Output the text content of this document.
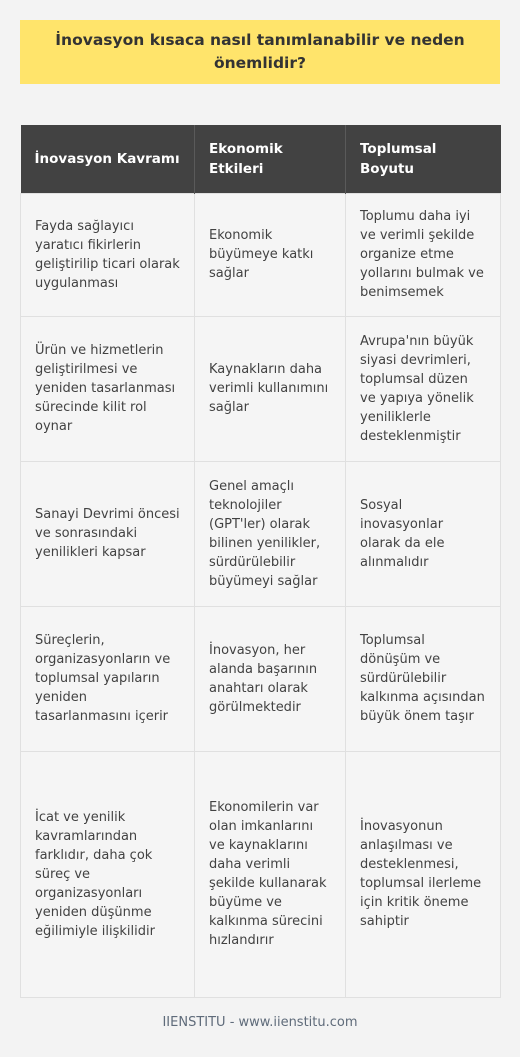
İnovasyon kısaca nasıl tanımlanabilir ve neden önemlidir?
İnovasyon Kavramı	Ekonomik Etkileri	Toplumsal Boyutu
Fayda sağlayıcı yaratıcı fikirlerin geliştirilip ticari olarak uygulanması	Ekonomik büyümeye katkı sağlar	Toplumu daha iyi ve verimli şekilde organize etme yollarını bulmak ve benimsemek
Ürün ve hizmetlerin geliştirilmesi ve yeniden tasarlanması sürecinde kilit rol oynar	Kaynakların daha verimli kullanımını sağlar	Avrupa'nın büyük siyasi devrimleri, toplumsal düzen ve yapıya yönelik yeniliklerle desteklenmiştir
Sanayi Devrimi öncesi ve sonrasındaki yenilikleri kapsar	Genel amaçlı teknolojiler (GPT'ler) olarak bilinen yenilikler, sürdürülebilir büyümeyi sağlar	Sosyal inovasyonlar olarak da ele alınmalıdır
Süreçlerin, organizasyonların ve toplumsal yapıların yeniden tasarlanmasını içerir	İnovasyon, her alanda başarının anahtarı olarak görülmektedir	Toplumsal dönüşüm ve sürdürülebilir kalkınma açısından büyük önem taşır
İcat ve yenilik kavramlarından farklıdır, daha çok süreç ve organizasyonları yeniden düşünme eğilimiyle ilişkilidir	Ekonomilerin var olan imkanlarını ve kaynaklarını daha verimli şekilde kullanarak büyüme ve kalkınma sürecini hızlandırır	İnovasyonun anlaşılması ve desteklenmesi, toplumsal ilerleme için kritik öneme sahiptir
IIENSTITU - www.iienstitu.com
